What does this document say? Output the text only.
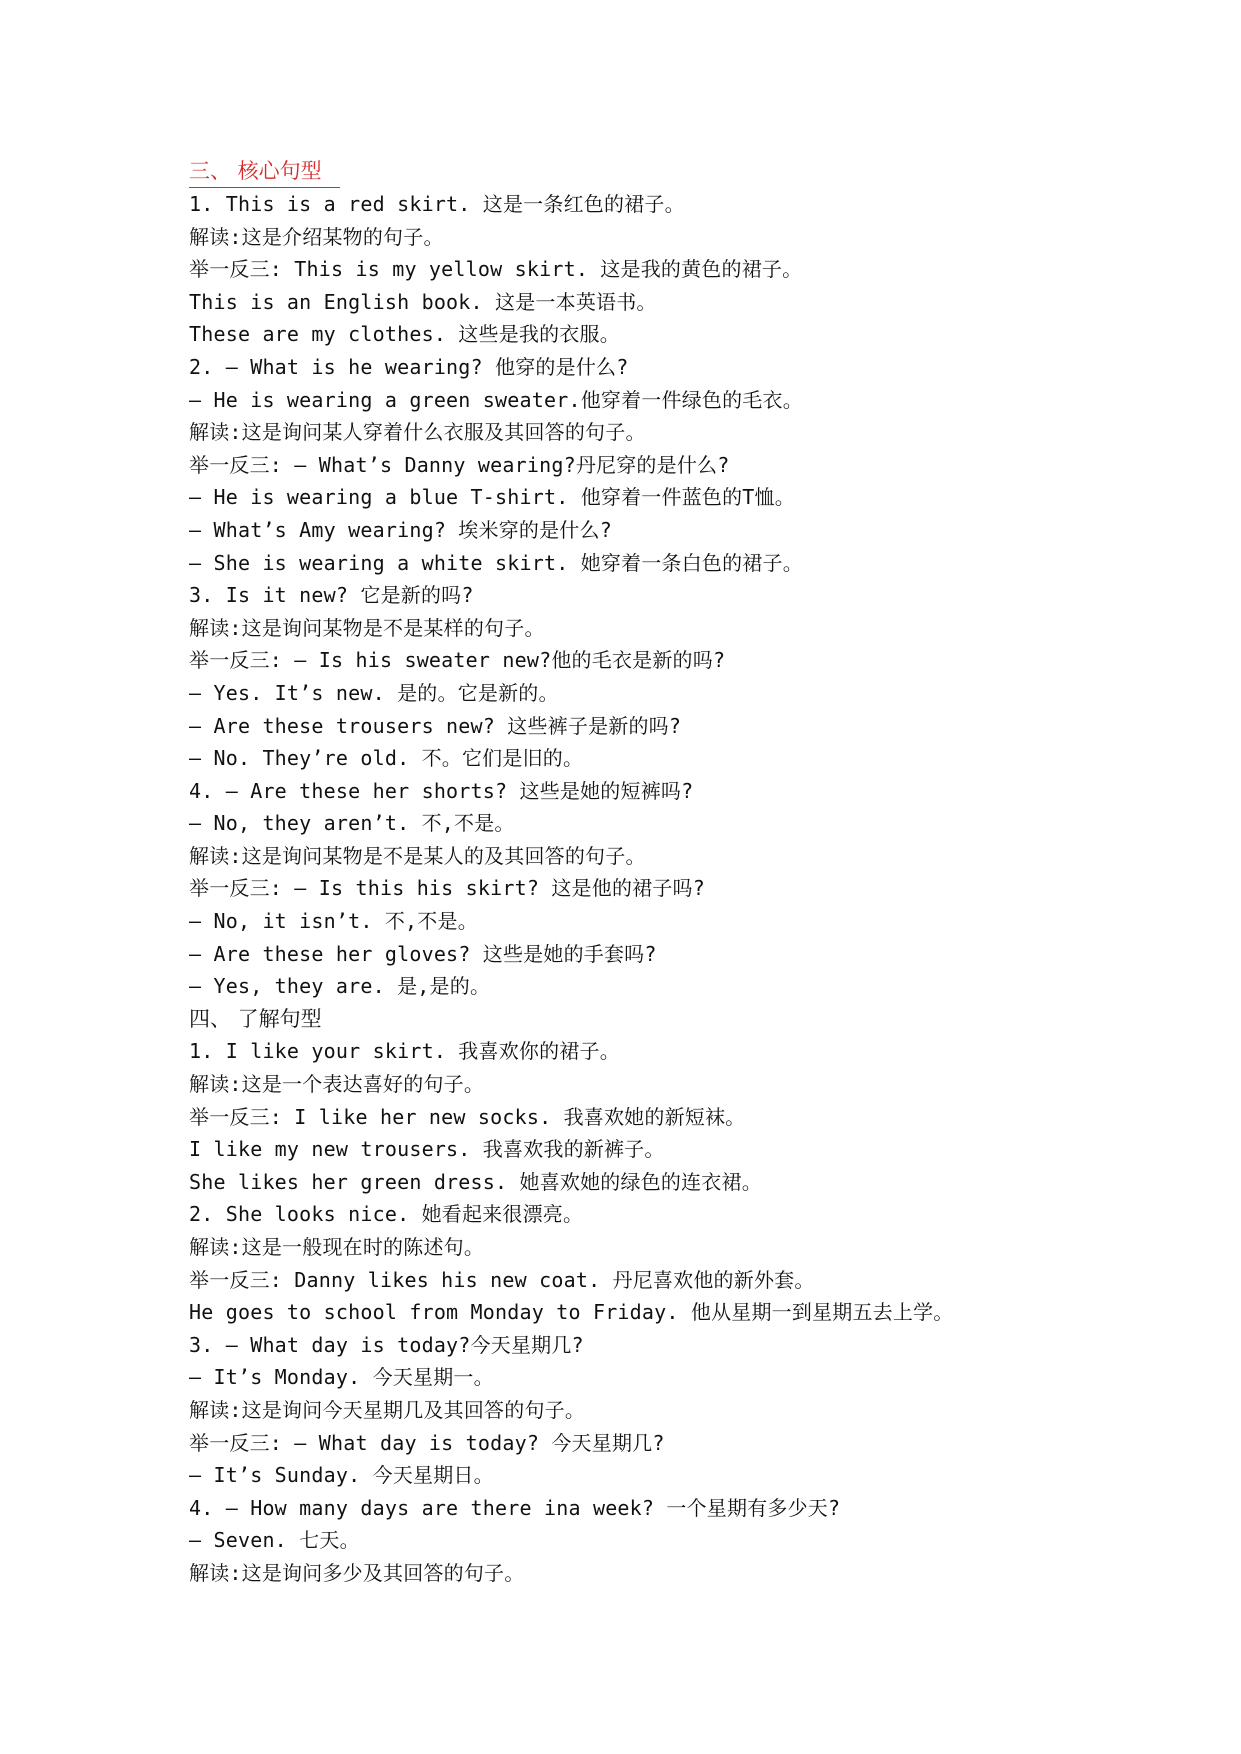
三、 核心句型
1. This is a red skirt. 这是一条红色的裙子。
解读:这是介绍某物的句子。
举一反三: This is my yellow skirt. 这是我的黄色的裙子。
This is an English book. 这是一本英语书。
These are my clothes. 这些是我的衣服。
2. — What is he wearing? 他穿的是什么?
— He is wearing a green sweater.他穿着一件绿色的毛衣。
解读:这是询问某人穿着什么衣服及其回答的句子。
举一反三: — What’s Danny wearing?丹尼穿的是什么?
— He is wearing a blue T-shirt. 他穿着一件蓝色的T恤。
— What’s Amy wearing? 埃米穿的是什么?
— She is wearing a white skirt. 她穿着一条白色的裙子。
3. Is it new? 它是新的吗?
解读:这是询问某物是不是某样的句子。
举一反三: — Is his sweater new?他的毛衣是新的吗?
— Yes. It’s new. 是的。它是新的。
— Are these trousers new? 这些裤子是新的吗?
— No. They’re old. 不。它们是旧的。
4. — Are these her shorts? 这些是她的短裤吗?
— No, they aren’t. 不,不是。
解读:这是询问某物是不是某人的及其回答的句子。
举一反三: — Is this his skirt? 这是他的裙子吗?
— No, it isn’t. 不,不是。
— Are these her gloves? 这些是她的手套吗?
— Yes, they are. 是,是的。
四、 了解句型
1. I like your skirt. 我喜欢你的裙子。
解读:这是一个表达喜好的句子。
举一反三: I like her new socks. 我喜欢她的新短袜。
I like my new trousers. 我喜欢我的新裤子。
She likes her green dress. 她喜欢她的绿色的连衣裙。
2. She looks nice. 她看起来很漂亮。
解读:这是一般现在时的陈述句。
举一反三: Danny likes his new coat. 丹尼喜欢他的新外套。
He goes to school from Monday to Friday. 他从星期一到星期五去上学。
3. — What day is today?今天星期几?
— It’s Monday. 今天星期一。
解读:这是询问今天星期几及其回答的句子。
举一反三: — What day is today? 今天星期几?
— It’s Sunday. 今天星期日。
4. — How many days are there ina week? 一个星期有多少天?
— Seven. 七天。
解读:这是询问多少及其回答的句子。
